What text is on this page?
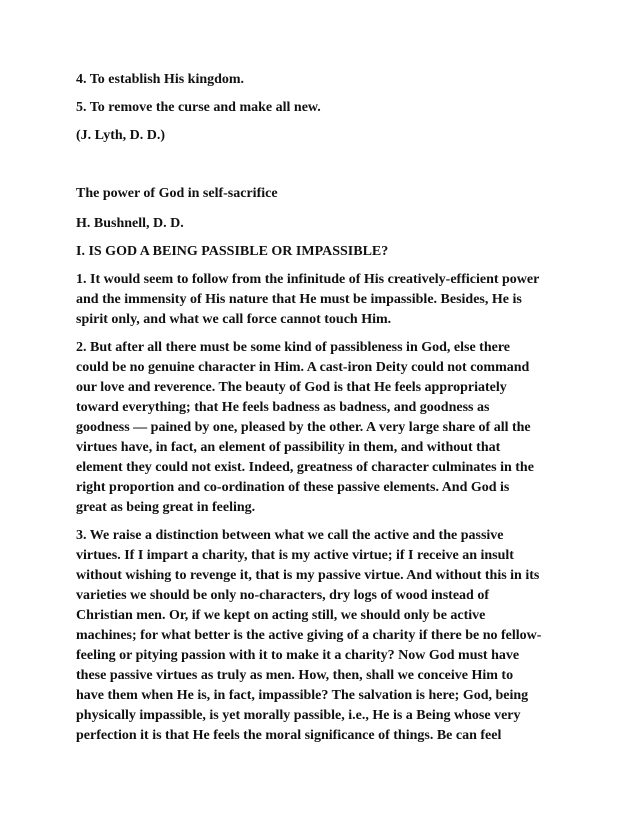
4. To establish His kingdom.

5. To remove the curse and make all new.

(J. Lyth, D. D.)

The power of God in self-sacrifice

H. Bushnell, D. D.

I. IS GOD A BEING PASSIBLE OR IMPASSIBLE?

1. It would seem to follow from the infinitude of His creatively-efficient power
and the immensity of His nature that He must be impassible. Besides, He is
spirit only, and what we call force cannot touch Him.
2. But after all there must be some kind of passibleness in God, else there
could be no genuine character in Him. A cast-iron Deity could not command
our love and reverence. The beauty of God is that He feels appropriately
toward everything; that He feels badness as badness, and goodness as
goodness — pained by one, pleased by the other. A very large share of all the
virtues have, in fact, an element of passibility in them, and without that
element they could not exist. Indeed, greatness of character culminates in the
right proportion and co-ordination of these passive elements. And God is
great as being great in feeling.
3. We raise a distinction between what we call the active and the passive
virtues. If I impart a charity, that is my active virtue; if I receive an insult
without wishing to revenge it, that is my passive virtue. And without this in its
varieties we should be only no-characters, dry logs of wood instead of
Christian men. Or, if we kept on acting still, we should only be active
machines; for what better is the active giving of a charity if there be no fellow-
feeling or pitying passion with it to make it a charity? Now God must have
these passive virtues as truly as men. How, then, shall we conceive Him to
have them when He is, in fact, impassible? The salvation is here; God, being
physically impassible, is yet morally passible, i.e., He is a Being whose very
perfection it is that He feels the moral significance of things. Be can feel
